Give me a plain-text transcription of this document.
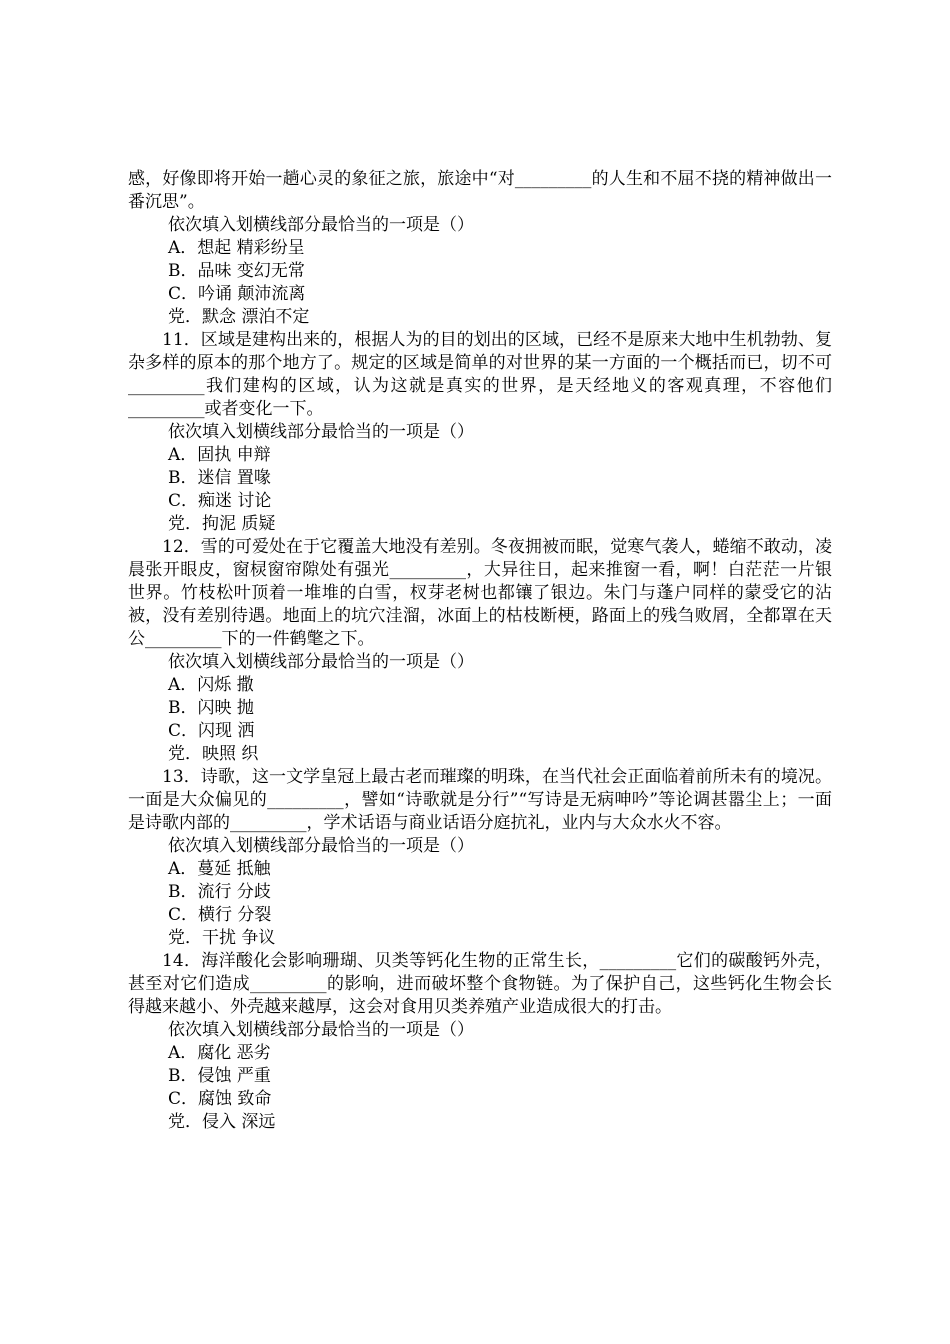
感，好像即将开始一趟心灵的象征之旅，旅途中“对_________的人生和不屈不挠的精神做出一番沉思”。

依次填入划横线部分最恰当的一项是（）

A．想起 精彩纷呈

B．品味 变幻无常

C．吟诵 颠沛流离

党．默念 漂泊不定

11．区域是建构出来的，根据人为的目的划出的区域，已经不是原来大地中生机勃勃、复杂多样的原本的那个地方了。规定的区域是简单的对世界的某一方面的一个概括而已，切不可_________我们建构的区域，认为这就是真实的世界，是天经地义的客观真理，不容他们_________或者变化一下。

依次填入划横线部分最恰当的一项是（）

A．固执 申辩

B．迷信 置喙

C．痴迷 讨论

党．拘泥 质疑

12．雪的可爱处在于它覆盖大地没有差别。冬夜拥被而眠，觉寒气袭人，蜷缩不敢动，凌晨张开眼皮，窗棂窗帘隙处有强光_________，大异往日，起来推窗一看，啊！白茫茫一片银世界。竹枝松叶顶着一堆堆的白雪，杈芽老树也都镶了银边。朱门与蓬户同样的蒙受它的沾被，没有差别待遇。地面上的坑穴洼溜，冰面上的枯枝断梗，路面上的残刍败屑，全都罩在天公_________下的一件鹤氅之下。

依次填入划横线部分最恰当的一项是（）

A．闪烁 撒

B．闪映 抛

C．闪现 洒

党．映照 织

13．诗歌，这一文学皇冠上最古老而璀璨的明珠，在当代社会正面临着前所未有的境况。一面是大众偏见的_________，譬如“诗歌就是分行”“写诗是无病呻吟”等论调甚嚣尘上；一面是诗歌内部的_________，学术话语与商业话语分庭抗礼，业内与大众水火不容。

依次填入划横线部分最恰当的一项是（）

A．蔓延 抵触

B．流行 分歧

C．横行 分裂

党．干扰 争议

14．海洋酸化会影响珊瑚、贝类等钙化生物的正常生长，_________它们的碳酸钙外壳，甚至对它们造成_________的影响，进而破坏整个食物链。为了保护自己，这些钙化生物会长得越来越小、外壳越来越厚，这会对食用贝类养殖产业造成很大的打击。

依次填入划横线部分最恰当的一项是（）

A．腐化 恶劣

B．侵蚀 严重

C．腐蚀 致命

党．侵入 深远
